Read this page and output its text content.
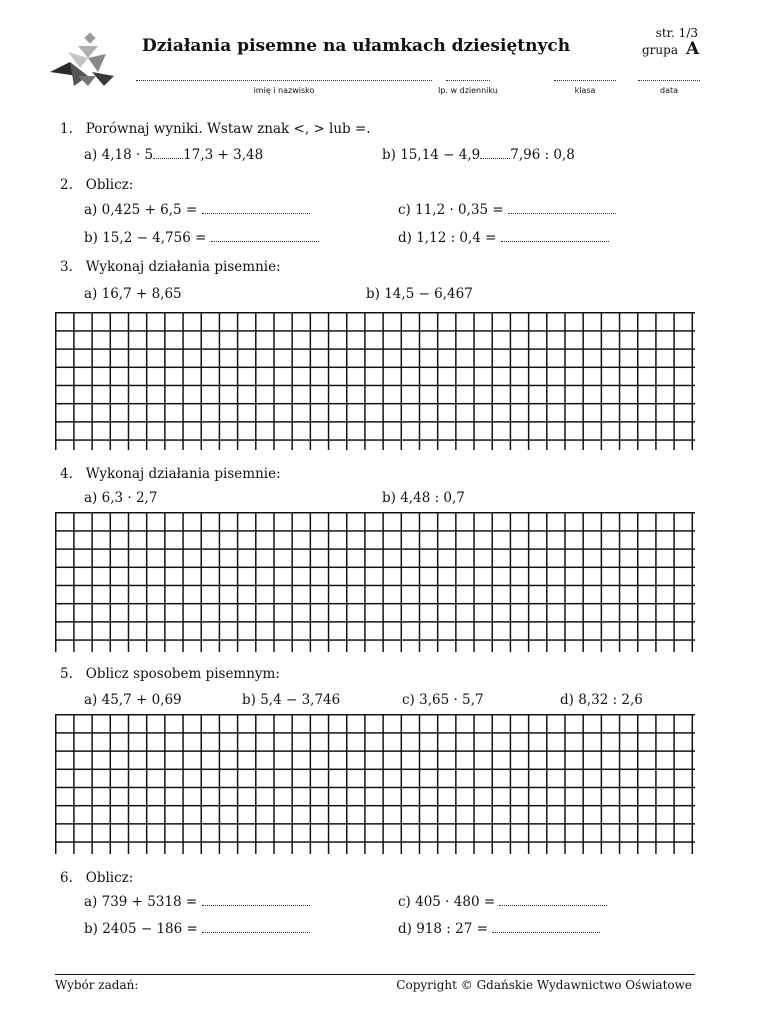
Działania pisemne na ułamkach dziesiętnych
str. 1/3
grupa A
imię i nazwisko	lp. w dzienniku	klasa	data
1. Porównaj wyniki. Wstaw znak <, > lub =.
a) 4,18 · 5 17,3 + 3,48	b) 15,14 − 4,9 7,96 : 0,8
2. Oblicz:
a) 0,425 + 6,5 =	c) 11,2 · 0,35 =
b) 15,2 − 4,756 =	d) 1,12 : 0,4 =
3. Wykonaj działania pisemnie:
a) 16,7 + 8,65	b) 14,5 − 6,467
4. Wykonaj działania pisemnie:
a) 6,3 · 2,7	b) 4,48 : 0,7
5. Oblicz sposobem pisemnym:
a) 45,7 + 0,69	b) 5,4 − 3,746	c) 3,65 · 5,7	d) 8,32 : 2,6
6. Oblicz:
a) 739 + 5318 =	c) 405 · 480 =
b) 2405 − 186 =	d) 918 : 27 =
Wybór zadań:	Copyright © Gdańskie Wydawnictwo Oświatowe
